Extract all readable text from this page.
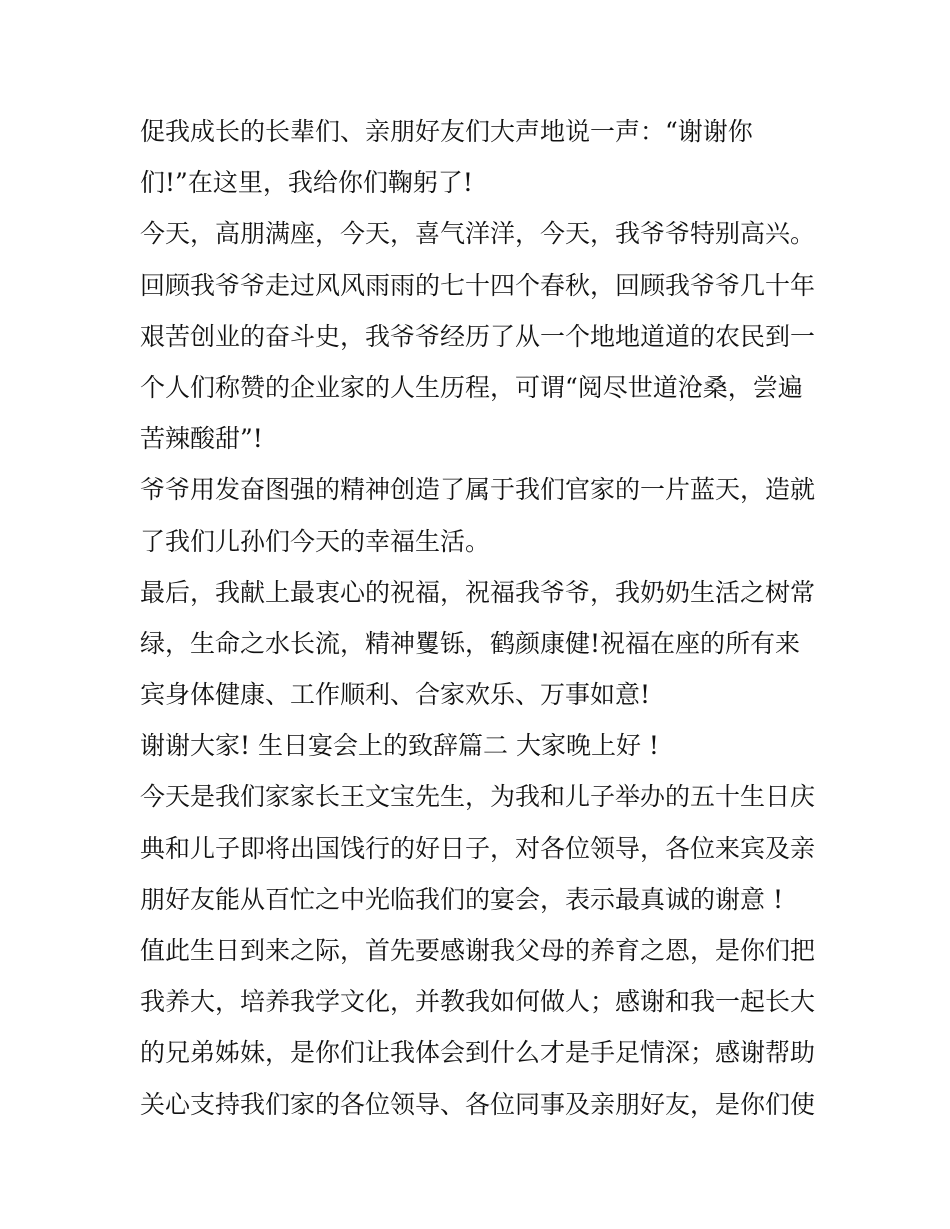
促我成长的长辈们、亲朋好友们大声地说一声：“谢谢你
们!”在这里，我给你们鞠躬了!
今天，高朋满座，今天，喜气洋洋，今天，我爷爷特别高兴。
回顾我爷爷走过风风雨雨的七十四个春秋，回顾我爷爷几十年
艰苦创业的奋斗史，我爷爷经历了从一个地地道道的农民到一
个人们称赞的企业家的人生历程，可谓“阅尽世道沧桑，尝遍
苦辣酸甜”!
爷爷用发奋图强的精神创造了属于我们官家的一片蓝天，造就
了我们儿孙们今天的幸福生活。
最后，我献上最衷心的祝福，祝福我爷爷，我奶奶生活之树常
绿，生命之水长流，精神矍铄，鹤颜康健!祝福在座的所有来
宾身体健康、工作顺利、合家欢乐、万事如意!
谢谢大家! 生日宴会上的致辞篇二 大家晚上好 !
今天是我们家家长王文宝先生，为我和儿子举办的五十生日庆
典和儿子即将出国饯行的好日子，对各位领导，各位来宾及亲
朋好友能从百忙之中光临我们的宴会，表示最真诚的谢意 !
值此生日到来之际，首先要感谢我父母的养育之恩，是你们把
我养大，培养我学文化，并教我如何做人；感谢和我一起长大
的兄弟姊妹，是你们让我体会到什么才是手足情深；感谢帮助
关心支持我们家的各位领导、各位同事及亲朋好友，是你们使
